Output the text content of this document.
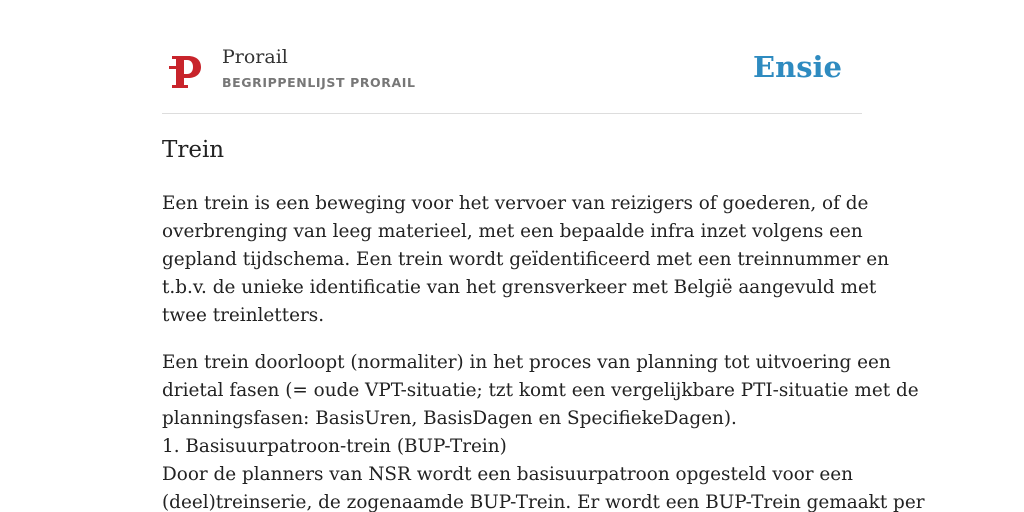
Prorail
BEGRIPPENLIJST PRORAIL	Ensie
Trein
Een trein is een beweging voor het vervoer van reizigers of goederen, of de
overbrenging van leeg materieel, met een bepaalde infra inzet volgens een
gepland tijdschema. Een trein wordt geïdentificeerd met een treinnummer en
t.b.v. de unieke identificatie van het grensverkeer met België aangevuld met
twee treinletters.
Een trein doorloopt (normaliter) in het proces van planning tot uitvoering een
drietal fasen (= oude VPT-situatie; tzt komt een vergelijkbare PTI-situatie met de
planningsfasen: BasisUren, BasisDagen en SpecifiekeDagen).
1. Basisuurpatroon-trein (BUP-Trein)
Door de planners van NSR wordt een basisuurpatroon opgesteld voor een
(deel)treinserie, de zogenaamde BUP-Trein. Er wordt een BUP-Trein gemaakt per
